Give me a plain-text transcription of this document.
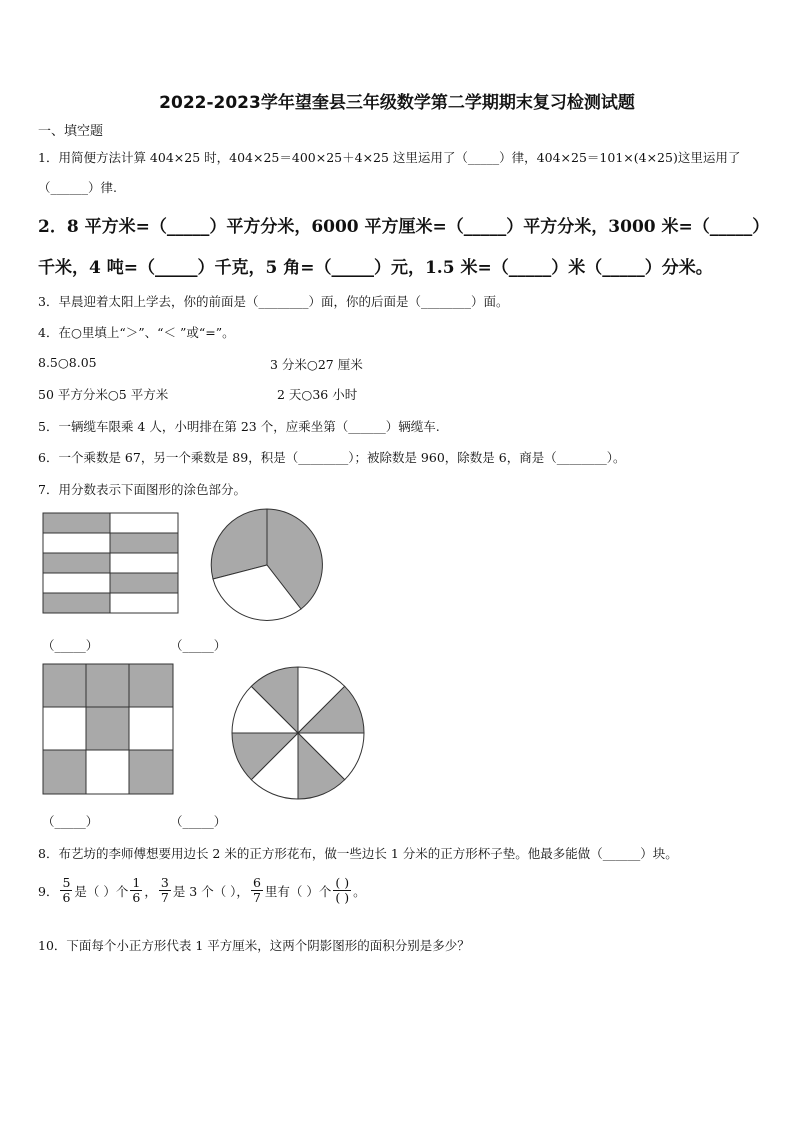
2022-2023学年望奎县三年级数学第二学期期末复习检测试题
一、填空题
1．用简便方法计算 404×25 时，404×25＝400×25＋4×25 这里运用了（_____）律，404×25＝101×(4×25)这里运用了
（______）律.
2．8 平方米=（_____）平方分米，6000 平方厘米=（_____）平方分米，3000 米=（_____）
千米，4 吨=（_____）千克，5 角=（_____）元，1.5 米=（_____）米（_____）分米。
3．早晨迎着太阳上学去，你的前面是（________）面，你的后面是（________）面。
4．在○里填上“＞”、“＜ ”或“=”。
8.5○8.05	3 分米○27 厘米
50 平方分米○5 平方米	2 天○36 小时
5．一辆缆车限乘 4 人，小明排在第 23 个，应乘坐第（______）辆缆车.
6．一个乘数是 67，另一个乘数是 89，积是（________）；被除数是 960，除数是 6，商是（________）。
7．用分数表示下面图形的涂色部分。
（_____）	（_____）
（_____）	（_____）
8．布艺坊的李师傅想要用边长 2 米的正方形花布，做一些边长 1 分米的正方形杯子垫。他最多能做（______）块。
9． $\frac{5}{6}$ 是（ ）个 $\frac{1}{6}$ ， $\frac{3}{7}$ 是 3 个（ ）， $\frac{6}{7}$ 里有（ ）个 $\frac{( )}{( )}$ 。
10．下面每个小正方形代表 1 平方厘米，这两个阴影图形的面积分别是多少？
